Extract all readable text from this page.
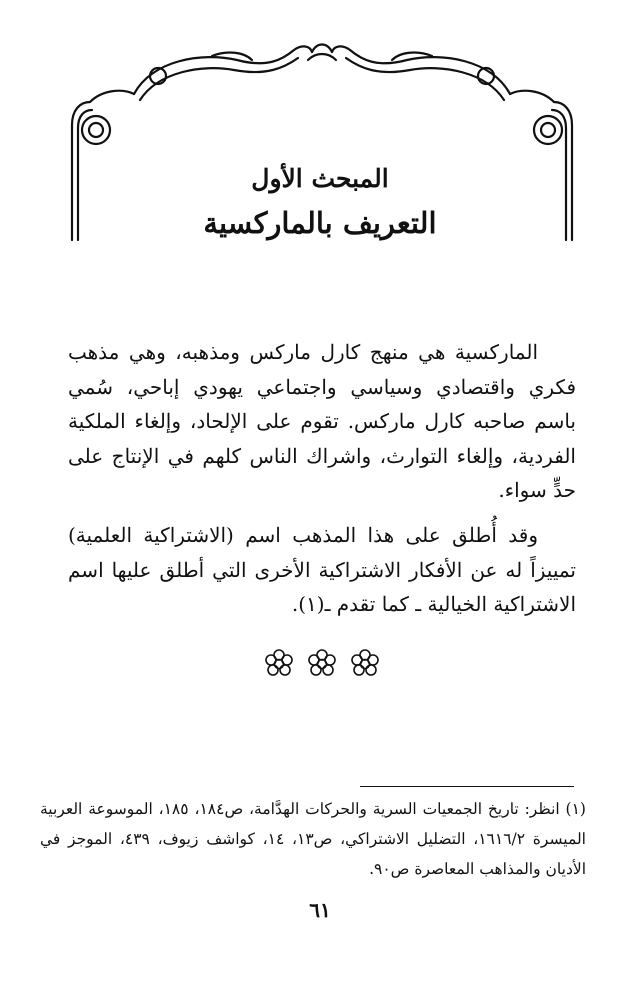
المبحث الأول

التعريف بالماركسية

الماركسية هي منهج كارل ماركس ومذهبه، وهي مذهب فكري واقتصادي وسياسي واجتماعي يهودي إباحي، سُمي باسم صاحبه كارل ماركس. تقوم على الإلحاد، وإلغاء الملكية الفردية، وإلغاء التوارث، واشراك الناس كلهم في الإنتاج على حدٍّ سواء.

وقد أُطلق على هذا المذهب اسم (الاشتراكية العلمية) تمييزاً له عن الأفكار الاشتراكية الأخرى التي أطلق عليها اسم الاشتراكية الخيالية ـ كما تقدم ـ(١).

(١) انظر: تاريخ الجمعيات السرية والحركات الهدَّامة، ص١٨٤، ١٨٥، الموسوعة العربية الميسرة ١٦١٦/٢، التضليل الاشتراكي، ص١٣، ١٤، كواشف زيوف، ٤٣٩، الموجز في الأديان والمذاهب المعاصرة ص٩٠.

٦١
